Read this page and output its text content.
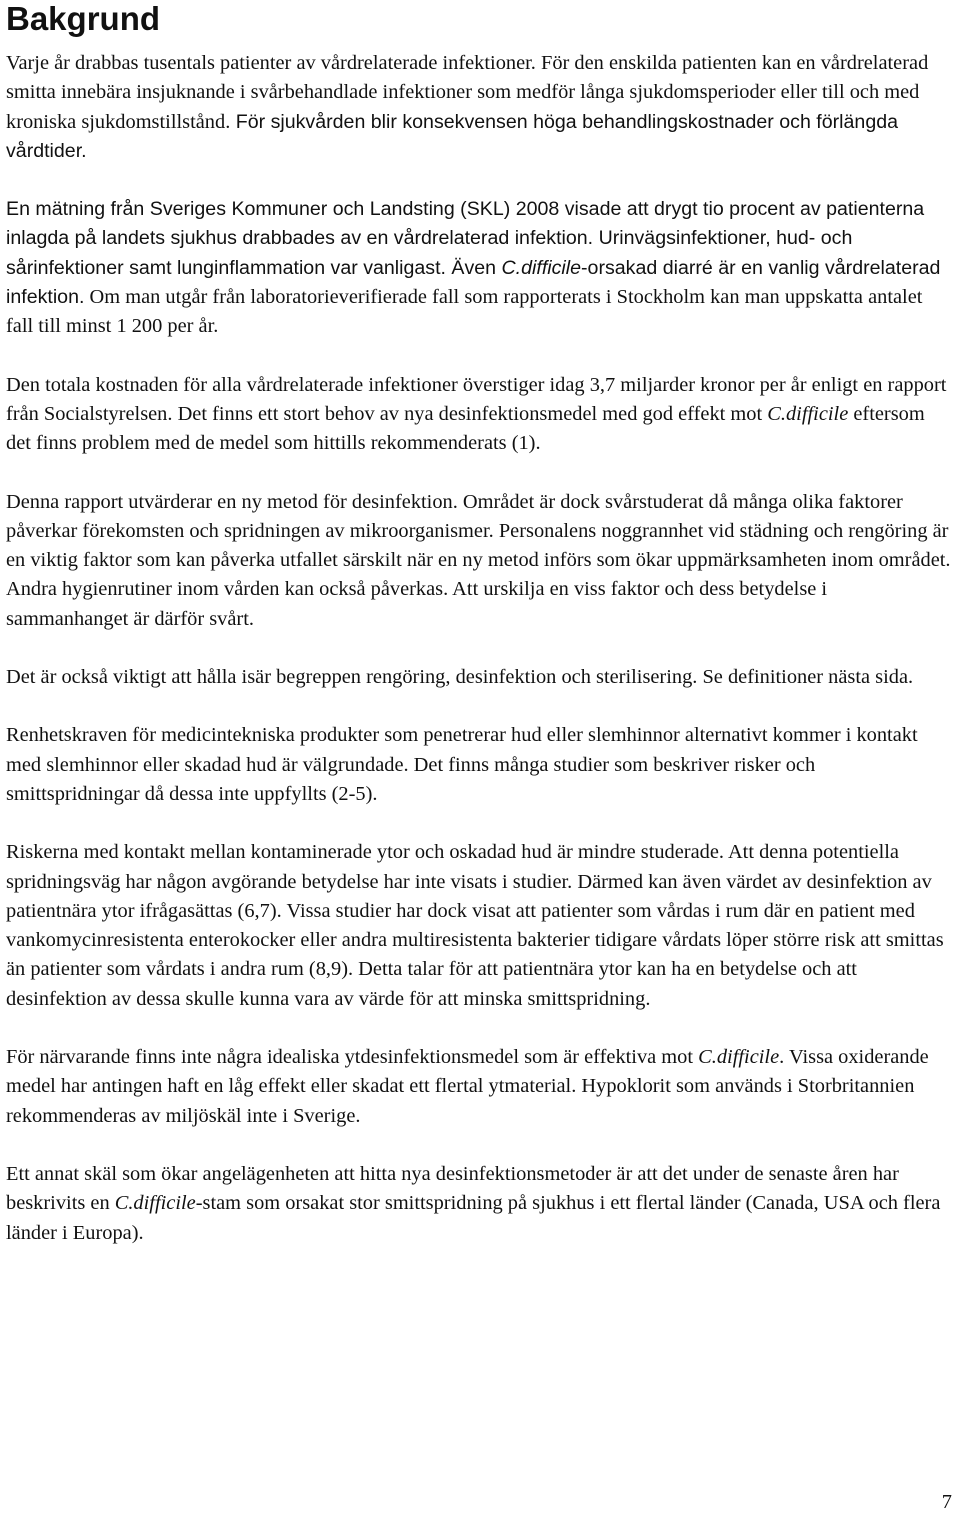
Bakgrund

Varje år drabbas tusentals patienter av vårdrelaterade infektioner. För den enskilda patienten kan en vårdrelaterad smitta innebära insjuknande i svårbehandlade infektioner som medför långa sjukdomsperioder eller till och med kroniska sjukdomstillstånd. För sjukvården blir konsekvensen höga behandlingskostnader och förlängda vårdtider.

En mätning från Sveriges Kommuner och Landsting (SKL) 2008 visade att drygt tio procent av patienterna inlagda på landets sjukhus drabbades av en vårdrelaterad infektion. Urinvägsinfektioner, hud- och sårinfektioner samt lunginflammation var vanligast. Även C.difficile-orsakad diarré är en vanlig vårdrelaterad infektion. Om man utgår från laboratorieverifierade fall som rapporterats i Stockholm kan man uppskatta antalet fall till minst 1 200 per år.

Den totala kostnaden för alla vårdrelaterade infektioner överstiger idag 3,7 miljarder kronor per år enligt en rapport från Socialstyrelsen. Det finns ett stort behov av nya desinfektionsmedel med god effekt mot C.difficile eftersom det finns problem med de medel som hittills rekommenderats (1).

Denna rapport utvärderar en ny metod för desinfektion. Området är dock svårstuderat då många olika faktorer påverkar förekomsten och spridningen av mikroorganismer. Personalens noggrannhet vid städning och rengöring är en viktig faktor som kan påverka utfallet särskilt när en ny metod införs som ökar uppmärksamheten inom området. Andra hygienrutiner inom vården kan också påverkas. Att urskilja en viss faktor och dess betydelse i sammanhanget är därför svårt.

Det är också viktigt att hålla isär begreppen rengöring, desinfektion och sterilisering. Se definitioner nästa sida.

Renhetskraven för medicintekniska produkter som penetrerar hud eller slemhinnor alternativt kommer i kontakt med slemhinnor eller skadad hud är välgrundade. Det finns många studier som beskriver risker och smittspridningar då dessa inte uppfyllts (2-5).

Riskerna med kontakt mellan kontaminerade ytor och oskadad hud är mindre studerade. Att denna potentiella spridningsväg har någon avgörande betydelse har inte visats i studier. Därmed kan även värdet av desinfektion av patientnära ytor ifrågasättas (6,7). Vissa studier har dock visat att patienter som vårdas i rum där en patient med vankomycinresistenta enterokocker eller andra multiresistenta bakterier tidigare vårdats löper större risk att smittas än patienter som vårdats i andra rum (8,9). Detta talar för att patientnära ytor kan ha en betydelse och att desinfektion av dessa skulle kunna vara av värde för att minska smittspridning.

För närvarande finns inte några idealiska ytdesinfektionsmedel som är effektiva mot C.difficile. Vissa oxiderande medel har antingen haft en låg effekt eller skadat ett flertal ytmaterial. Hypoklorit som används i Storbritannien rekommenderas av miljöskäl inte i Sverige.

Ett annat skäl som ökar angelägenheten att hitta nya desinfektionsmetoder är att det under de senaste åren har beskrivits en C.difficile-stam som orsakat stor smittspridning på sjukhus i ett flertal länder (Canada, USA och flera länder i Europa).

7
